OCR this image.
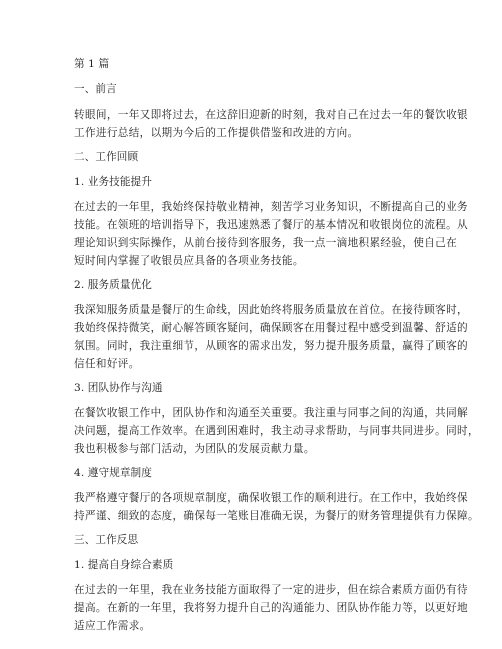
第 1 篇
一、前言
转眼间，一年又即将过去，在这辞旧迎新的时刻，我对自己在过去一年的餐饮收银
工作进行总结，以期为今后的工作提供借鉴和改进的方向。
二、工作回顾
1. 业务技能提升
在过去的一年里，我始终保持敬业精神，刻苦学习业务知识，不断提高自己的业务
技能。在领班的培训指导下，我迅速熟悉了餐厅的基本情况和收银岗位的流程。从
理论知识到实际操作，从前台接待到客服务，我一点一滴地积累经验，使自己在
短时间内掌握了收银员应具备的各项业务技能。
2. 服务质量优化
我深知服务质量是餐厅的生命线，因此始终将服务质量放在首位。在接待顾客时，
我始终保持微笑，耐心解答顾客疑问，确保顾客在用餐过程中感受到温馨、舒适的
氛围。同时，我注重细节，从顾客的需求出发，努力提升服务质量，赢得了顾客的
信任和好评。
3. 团队协作与沟通
在餐饮收银工作中，团队协作和沟通至关重要。我注重与同事之间的沟通，共同解
决问题，提高工作效率。在遇到困难时，我主动寻求帮助，与同事共同进步。同时，
我也积极参与部门活动，为团队的发展贡献力量。
4. 遵守规章制度
我严格遵守餐厅的各项规章制度，确保收银工作的顺利进行。在工作中，我始终保
持严谨、细致的态度，确保每一笔账目准确无误，为餐厅的财务管理提供有力保障。
三、工作反思
1. 提高自身综合素质
在过去的一年里，我在业务技能方面取得了一定的进步，但在综合素质方面仍有待
提高。在新的一年里，我将努力提升自己的沟通能力、团队协作能力等，以更好地
适应工作需求。
